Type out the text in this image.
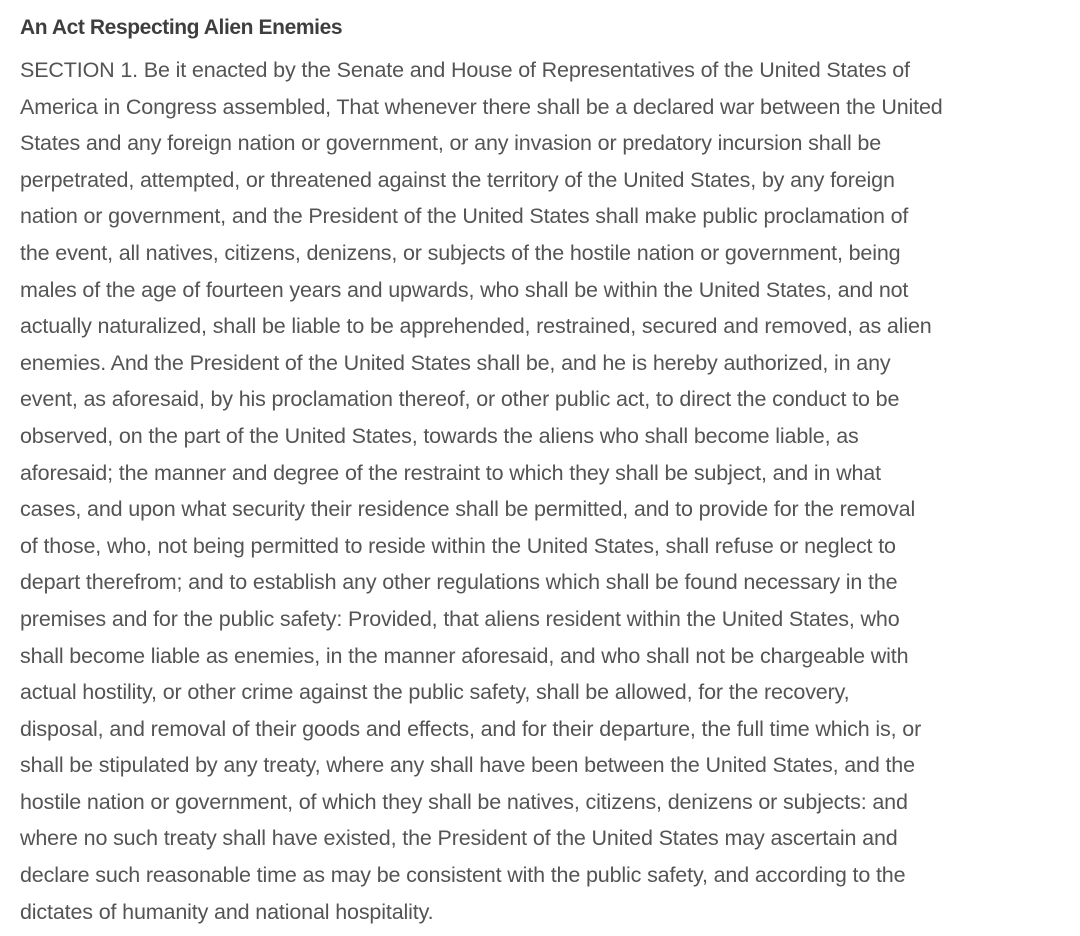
An Act Respecting Alien Enemies

SECTION 1. Be it enacted by the Senate and House of Representatives of the United States of
America in Congress assembled, That whenever there shall be a declared war between the United
States and any foreign nation or government, or any invasion or predatory incursion shall be
perpetrated, attempted, or threatened against the territory of the United States, by any foreign
nation or government, and the President of the United States shall make public proclamation of
the event, all natives, citizens, denizens, or subjects of the hostile nation or government, being
males of the age of fourteen years and upwards, who shall be within the United States, and not
actually naturalized, shall be liable to be apprehended, restrained, secured and removed, as alien
enemies. And the President of the United States shall be, and he is hereby authorized, in any
event, as aforesaid, by his proclamation thereof, or other public act, to direct the conduct to be
observed, on the part of the United States, towards the aliens who shall become liable, as
aforesaid; the manner and degree of the restraint to which they shall be subject, and in what
cases, and upon what security their residence shall be permitted, and to provide for the removal
of those, who, not being permitted to reside within the United States, shall refuse or neglect to
depart therefrom; and to establish any other regulations which shall be found necessary in the
premises and for the public safety: Provided, that aliens resident within the United States, who
shall become liable as enemies, in the manner aforesaid, and who shall not be chargeable with
actual hostility, or other crime against the public safety, shall be allowed, for the recovery,
disposal, and removal of their goods and effects, and for their departure, the full time which is, or
shall be stipulated by any treaty, where any shall have been between the United States, and the
hostile nation or government, of which they shall be natives, citizens, denizens or subjects: and
where no such treaty shall have existed, the President of the United States may ascertain and
declare such reasonable time as may be consistent with the public safety, and according to the
dictates of humanity and national hospitality.
